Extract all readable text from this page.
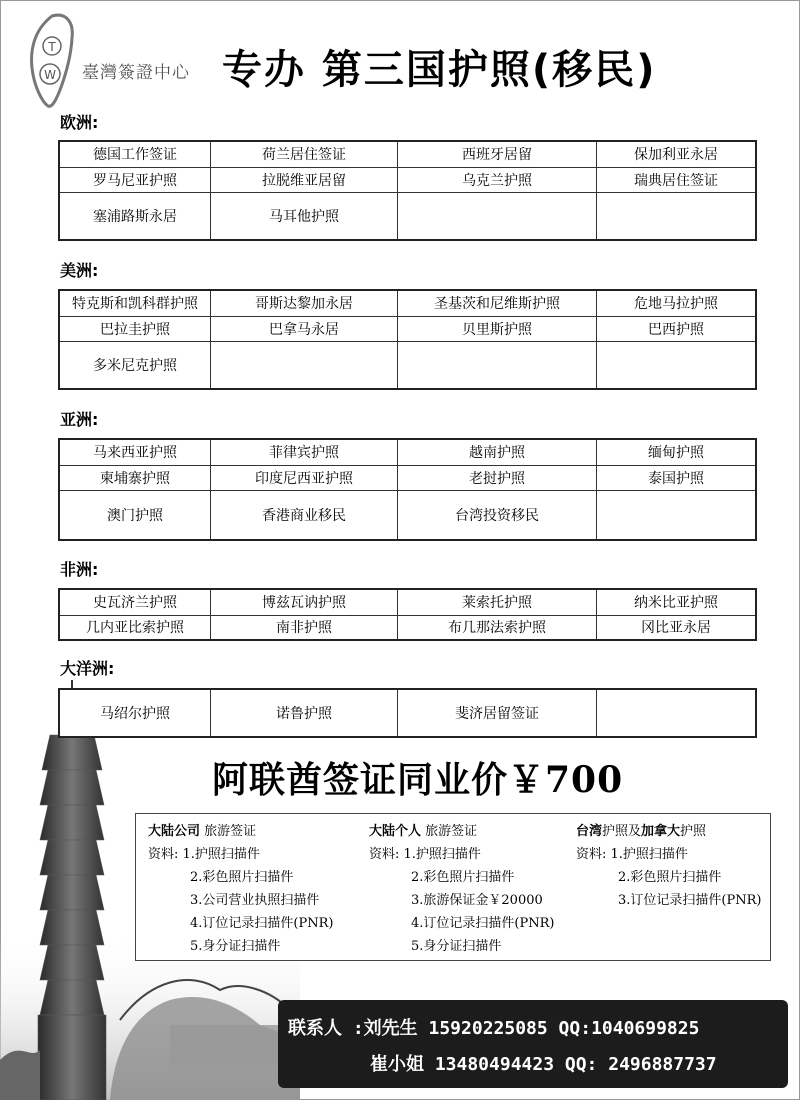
T
W 臺灣簽證中心 专办 第三国护照(移民)
欧洲:
德国工作签证	荷兰居住签证	西班牙居留	保加利亚永居
罗马尼亚护照	拉脱维亚居留	乌克兰护照	瑞典居住签证
塞浦路斯永居	马耳他护照		
美洲:
特克斯和凯科群护照	哥斯达黎加永居	圣基茨和尼维斯护照	危地马拉护照
巴拉圭护照	巴拿马永居	贝里斯护照	巴西护照
多米尼克护照			
亚洲:
马来西亚护照	菲律宾护照	越南护照	缅甸护照
柬埔寨护照	印度尼西亚护照	老挝护照	泰国护照
澳门护照	香港商业移民	台湾投资移民	
非洲:
史瓦济兰护照	博兹瓦讷护照	莱索托护照	纳米比亚护照
几内亚比索护照	南非护照	布几那法索护照	冈比亚永居
大洋洲:
马绍尔护照	诺鲁护照	斐济居留签证	
阿联酋签证同业价￥700
大陆公司 旅游签证
资料: 1.护照扫描件
2.彩色照片扫描件
3.公司营业执照扫描件
4.订位记录扫描件(PNR)
5.身分证扫描件
大陆个人 旅游签证
资料: 1.护照扫描件
2.彩色照片扫描件
3.旅游保证金￥20000
4.订位记录扫描件(PNR)
5.身分证扫描件
台湾护照及加拿大护照
资料: 1.护照扫描件
2.彩色照片扫描件
3.订位记录扫描件(PNR)
联系人 :刘先生 15920225085 QQ:1040699825
崔小姐 13480494423 QQ: 2496887737
